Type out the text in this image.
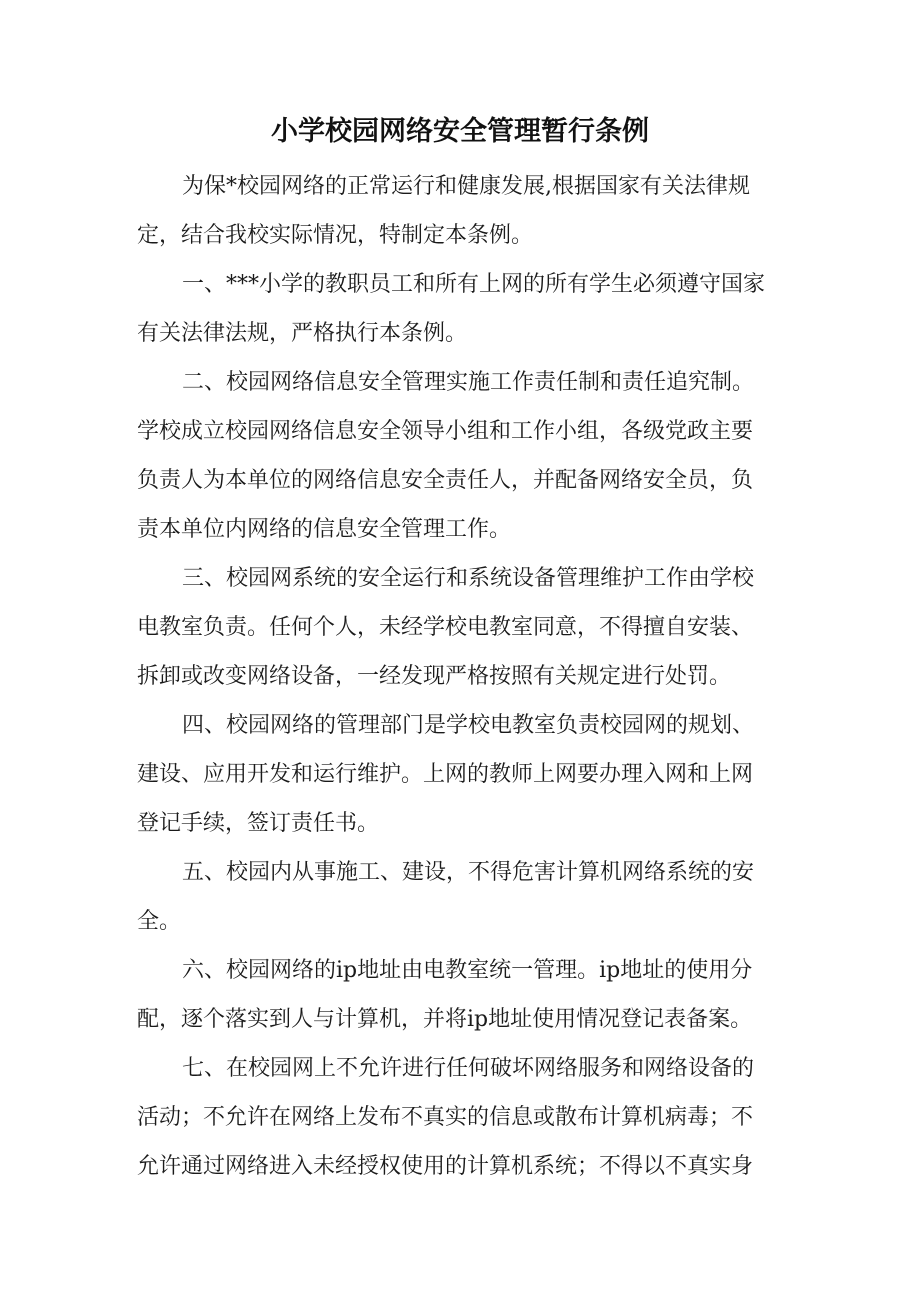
小学校园网络安全管理暂行条例
为保*校园网络的正常运行和健康发展,根据国家有关法律规
定，结合我校实际情况，特制定本条例。
一、***小学的教职员工和所有上网的所有学生必须遵守国家
有关法律法规，严格执行本条例。
二、校园网络信息安全管理实施工作责任制和责任追究制。
学校成立校园网络信息安全领导小组和工作小组，各级党政主要
负责人为本单位的网络信息安全责任人，并配备网络安全员，负
责本单位内网络的信息安全管理工作。
三、校园网系统的安全运行和系统设备管理维护工作由学校
电教室负责。任何个人，未经学校电教室同意，不得擅自安装、
拆卸或改变网络设备，一经发现严格按照有关规定进行处罚。
四、校园网络的管理部门是学校电教室负责校园网的规划、
建设、应用开发和运行维护。上网的教师上网要办理入网和上网
登记手续，签订责任书。
五、校园内从事施工、建设，不得危害计算机网络系统的安
全。
六、校园网络的ip地址由电教室统一管理。ip地址的使用分
配，逐个落实到人与计算机，并将ip地址使用情况登记表备案。
七、在校园网上不允许进行任何破坏网络服务和网络设备的
活动；不允许在网络上发布不真实的信息或散布计算机病毒；不
允许通过网络进入未经授权使用的计算机系统；不得以不真实身
